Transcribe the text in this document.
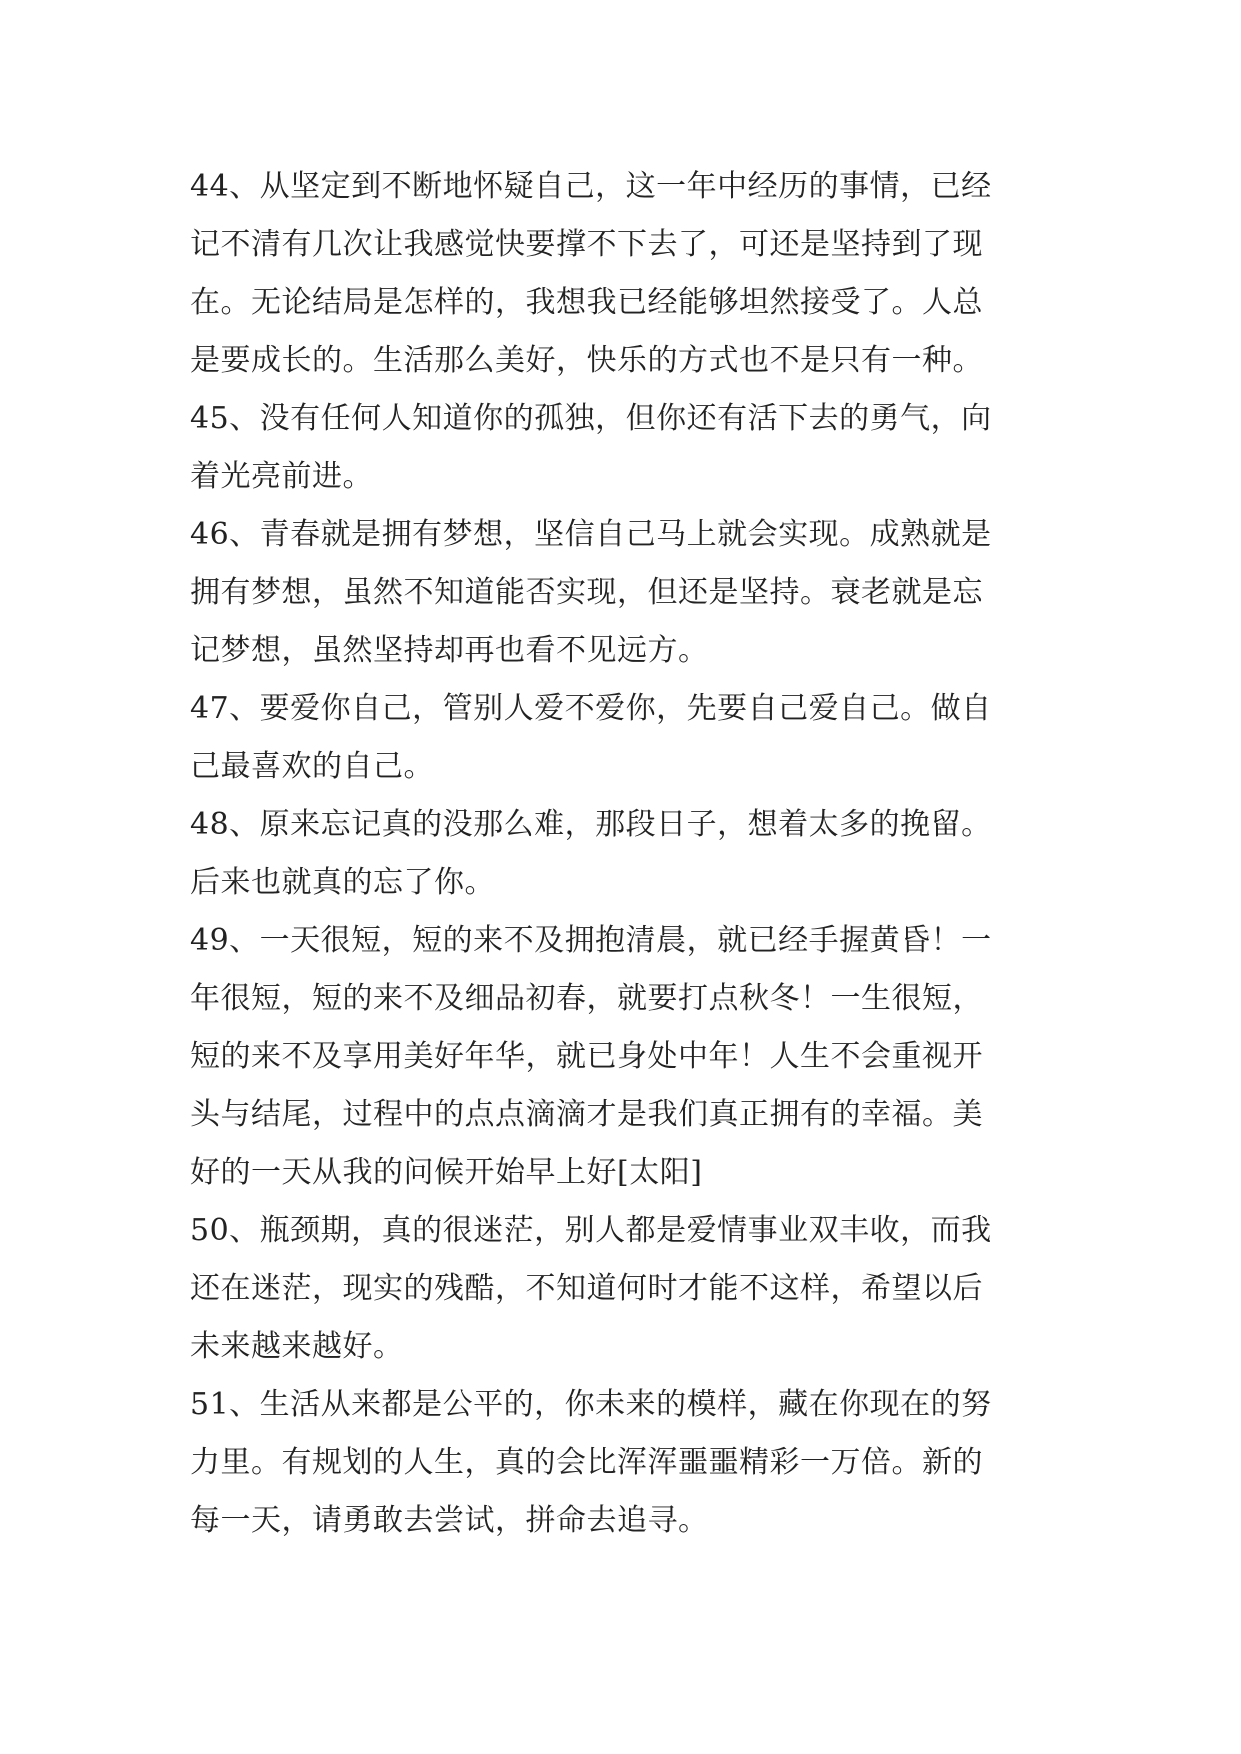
44、从坚定到不断地怀疑自己，这一年中经历的事情，已经
记不清有几次让我感觉快要撑不下去了，可还是坚持到了现
在。无论结局是怎样的，我想我已经能够坦然接受了。人总
是要成长的。生活那么美好，快乐的方式也不是只有一种。
45、没有任何人知道你的孤独，但你还有活下去的勇气，向
着光亮前进。
46、青春就是拥有梦想，坚信自己马上就会实现。成熟就是
拥有梦想，虽然不知道能否实现，但还是坚持。衰老就是忘
记梦想，虽然坚持却再也看不见远方。
47、要爱你自己，管别人爱不爱你，先要自己爱自己。做自
己最喜欢的自己。
48、原来忘记真的没那么难，那段日子，想着太多的挽留。
后来也就真的忘了你。
49、一天很短，短的来不及拥抱清晨，就已经手握黄昏！一
年很短，短的来不及细品初春，就要打点秋冬！一生很短，
短的来不及享用美好年华，就已身处中年！人生不会重视开
头与结尾，过程中的点点滴滴才是我们真正拥有的幸福。美
好的一天从我的问候开始早上好[太阳]
50、瓶颈期，真的很迷茫，别人都是爱情事业双丰收，而我
还在迷茫，现实的残酷，不知道何时才能不这样，希望以后
未来越来越好。
51、生活从来都是公平的，你未来的模样，藏在你现在的努
力里。有规划的人生，真的会比浑浑噩噩精彩一万倍。新的
每一天，请勇敢去尝试，拼命去追寻。
